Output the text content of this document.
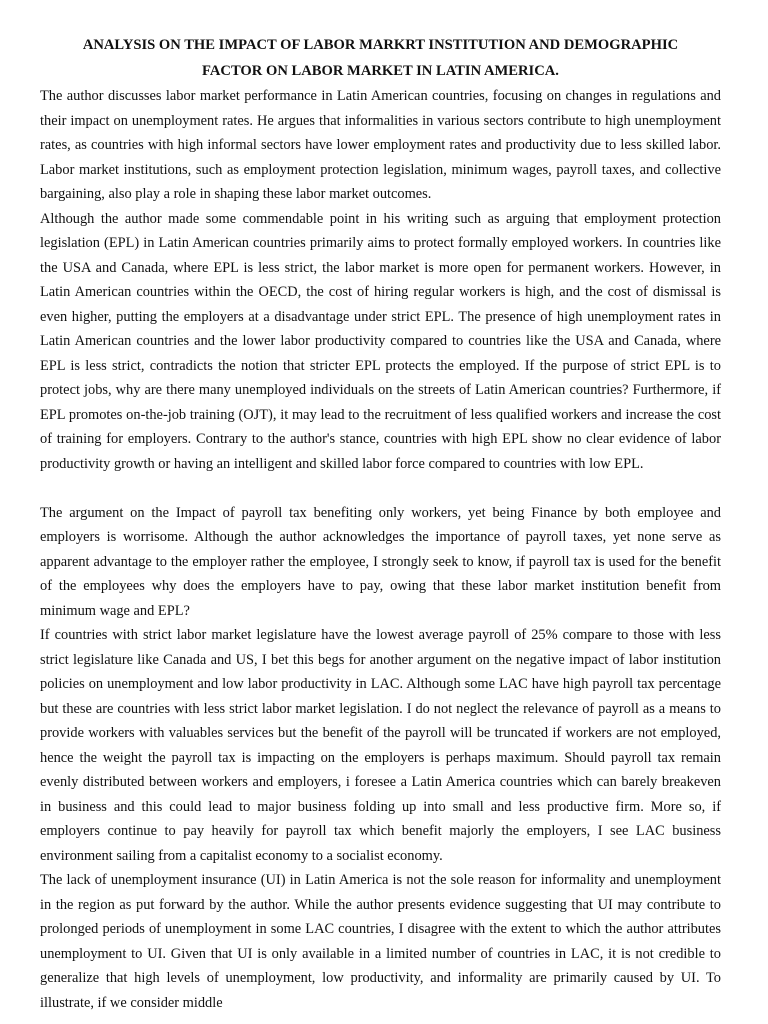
ANALYSIS ON THE IMPACT OF LABOR MARKRT INSTITUTION AND DEMOGRAPHIC
FACTOR ON LABOR MARKET IN LATIN AMERICA.

The author discusses labor market performance in Latin American countries, focusing on changes in regulations and their impact on unemployment rates. He argues that informalities in various sectors contribute to high unemployment rates, as countries with high informal sectors have lower employment rates and productivity due to less skilled labor. Labor market institutions, such as employment protection legislation, minimum wages, payroll taxes, and collective bargaining, also play a role in shaping these labor market outcomes.

Although the author made some commendable point in his writing such as arguing that employment protection legislation (EPL) in Latin American countries primarily aims to protect formally employed workers. In countries like the USA and Canada, where EPL is less strict, the labor market is more open for permanent workers. However, in Latin American countries within the OECD, the cost of hiring regular workers is high, and the cost of dismissal is even higher, putting the employers at a disadvantage under strict EPL. The presence of high unemployment rates in Latin American countries and the lower labor productivity compared to countries like the USA and Canada, where EPL is less strict, contradicts the notion that stricter EPL protects the employed. If the purpose of strict EPL is to protect jobs, why are there many unemployed individuals on the streets of Latin American countries? Furthermore, if EPL promotes on-the-job training (OJT), it may lead to the recruitment of less qualified workers and increase the cost of training for employers. Contrary to the author's stance, countries with high EPL show no clear evidence of labor productivity growth or having an intelligent and skilled labor force compared to countries with low EPL.

The argument on the Impact of payroll tax benefiting only workers, yet being Finance by both employee and employers is worrisome. Although the author acknowledges the importance of payroll taxes, yet none serve as apparent advantage to the employer rather the employee, I strongly seek to know, if payroll tax is used for the benefit of the employees why does the employers have to pay, owing that these labor market institution benefit from minimum wage and EPL?

If countries with strict labor market legislature have the lowest average payroll of 25% compare to those with less strict legislature like Canada and US, I bet this begs for another argument on the negative impact of labor institution policies on unemployment and low labor productivity in LAC. Although some LAC have high payroll tax percentage but these are countries with less strict labor market legislation. I do not neglect the relevance of payroll as a means to provide workers with valuables services but the benefit of the payroll will be truncated if workers are not employed, hence the weight the payroll tax is impacting on the employers is perhaps maximum. Should payroll tax remain evenly distributed between workers and employers, i foresee a Latin America countries which can barely breakeven in business and this could lead to major business folding up into small and less productive firm. More so, if employers continue to pay heavily for payroll tax which benefit majorly the employers, I see LAC business environment sailing from a capitalist economy to a socialist economy.

The lack of unemployment insurance (UI) in Latin America is not the sole reason for informality and unemployment in the region as put forward by the author. While the author presents evidence suggesting that UI may contribute to prolonged periods of unemployment in some LAC countries, I disagree with the extent to which the author attributes unemployment to UI. Given that UI is only available in a limited number of countries in LAC, it is not credible to generalize that high levels of unemployment, low productivity, and informality are primarily caused by UI. To illustrate, if we consider middle
